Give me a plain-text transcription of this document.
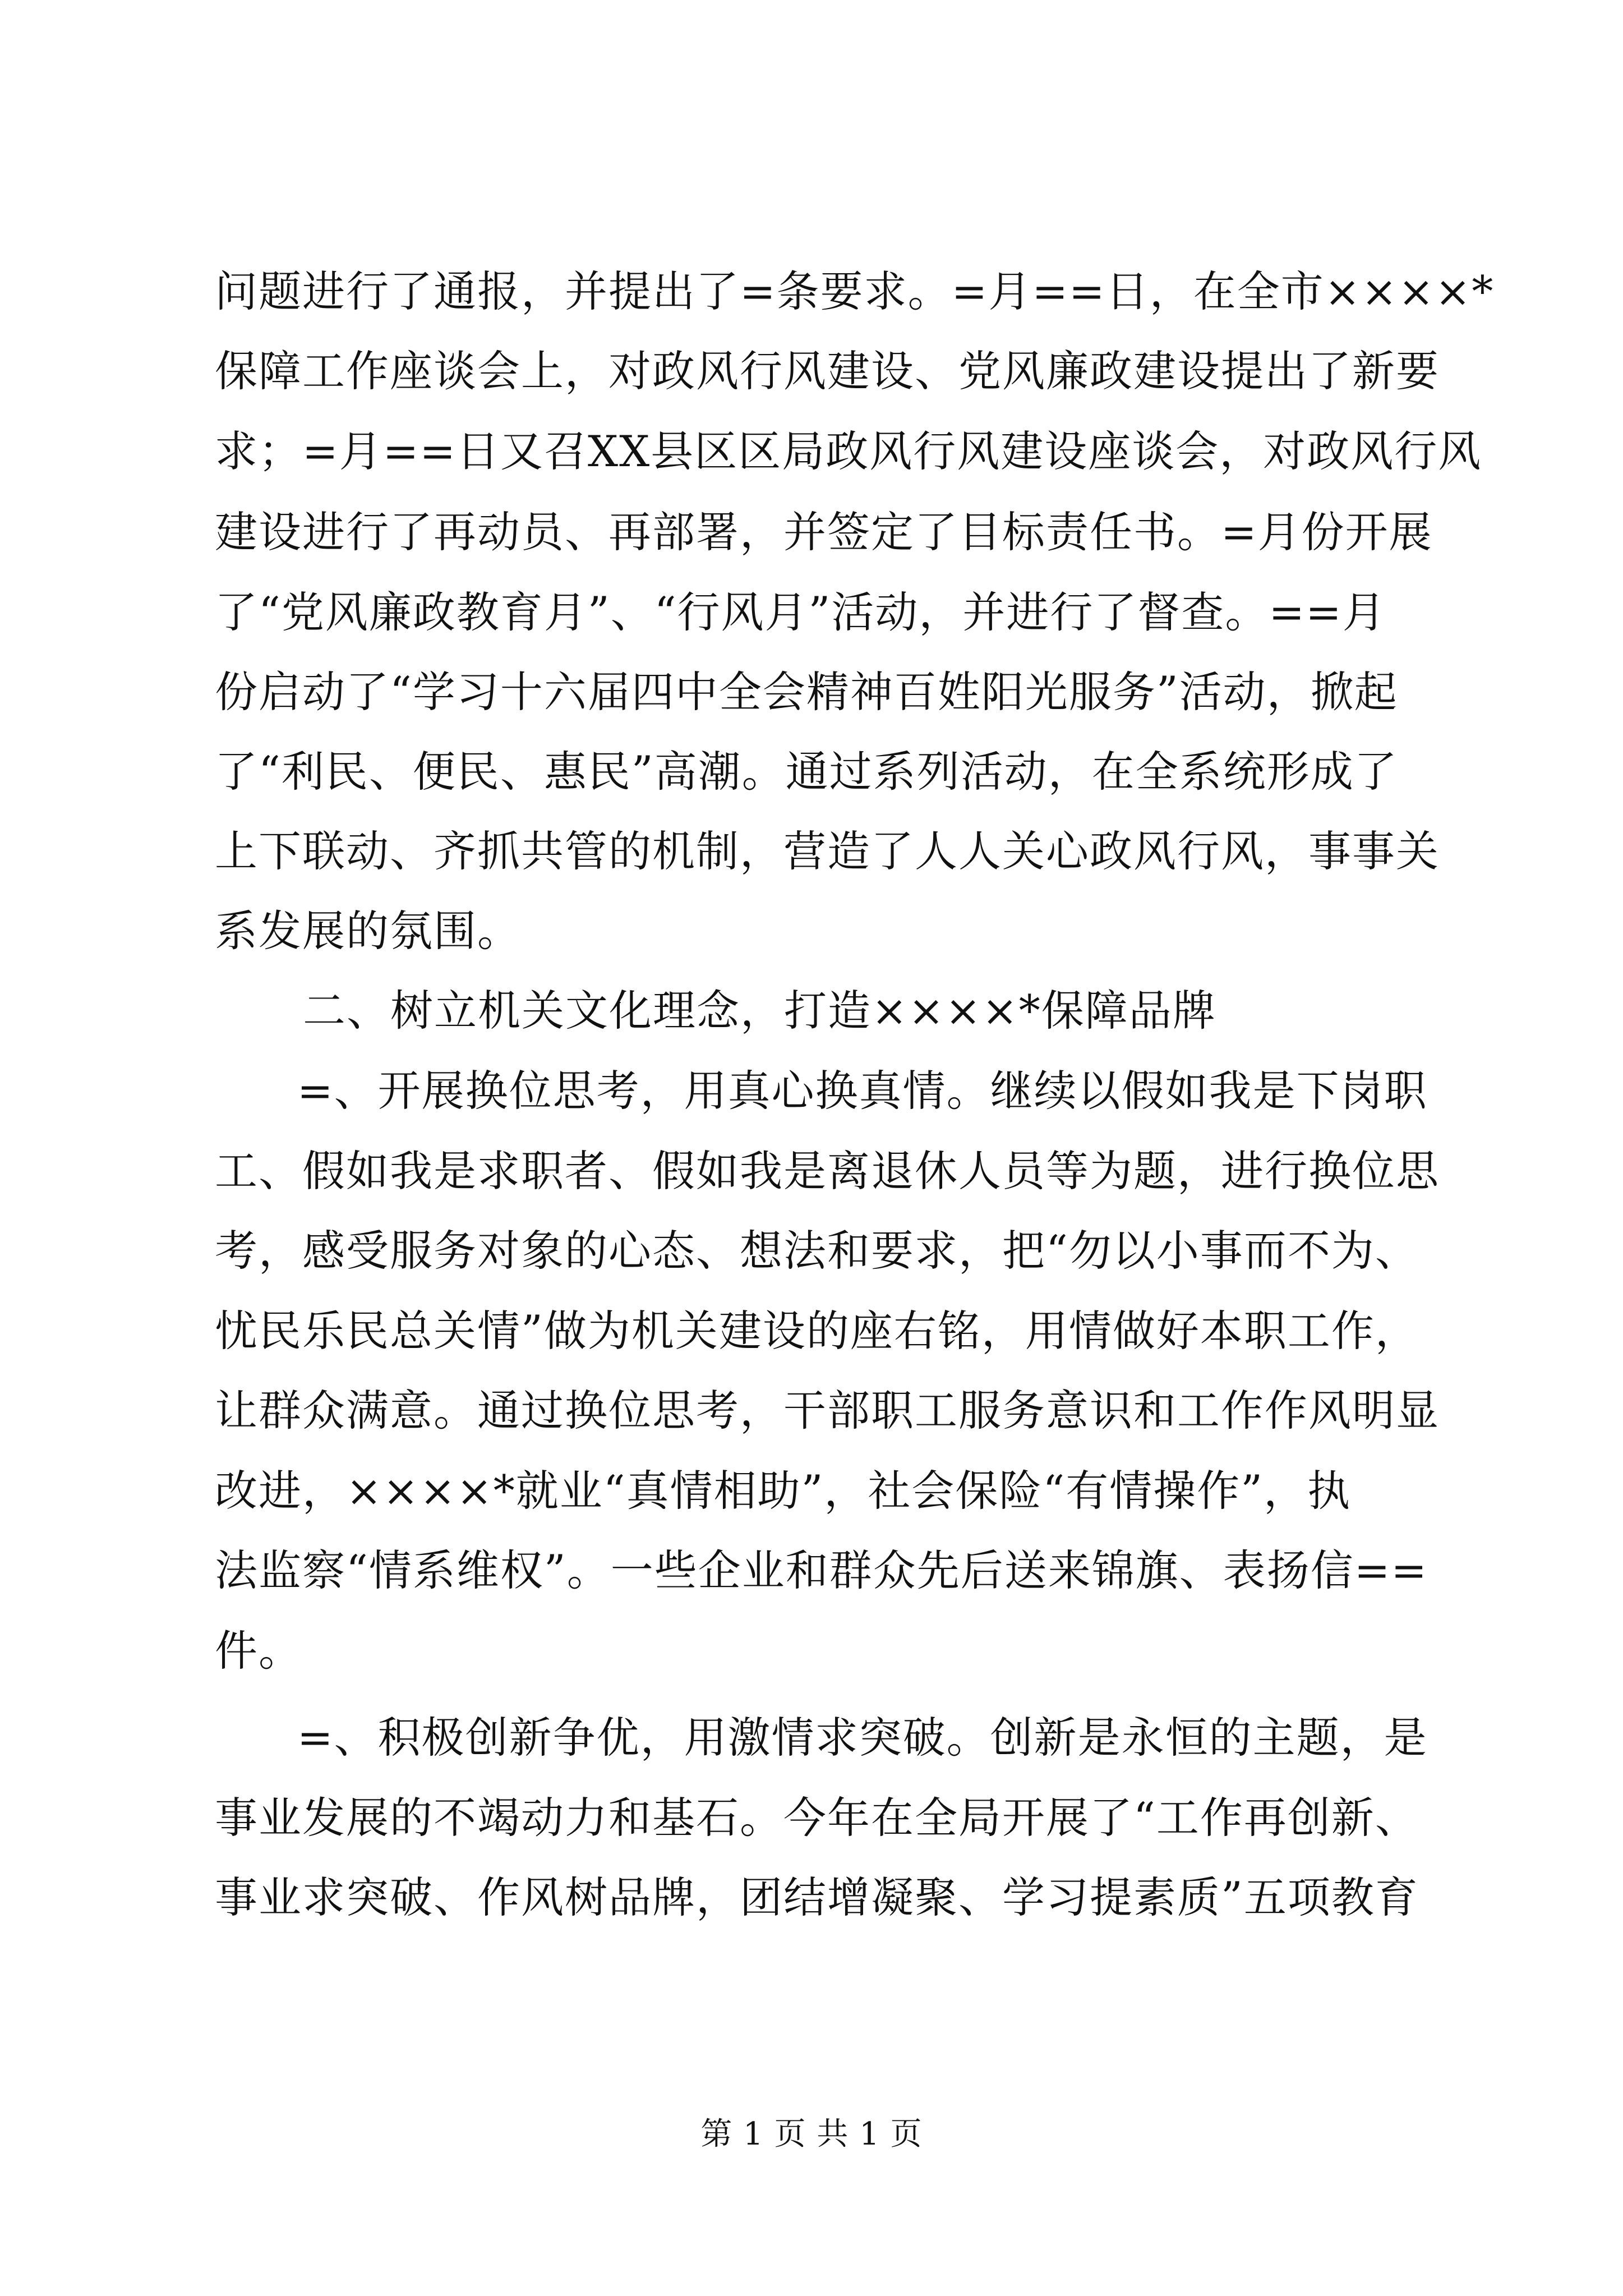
问题进行了通报，并提出了=条要求。=月==日，在全市××××*
保障工作座谈会上，对政风行风建设、党风廉政建设提出了新要
求；=月==日又召XX县区区局政风行风建设座谈会，对政风行风
建设进行了再动员、再部署，并签定了目标责任书。=月份开展
了“党风廉政教育月”、“行风月”活动，并进行了督查。==月
份启动了“学习十六届四中全会精神百姓阳光服务”活动，掀起
了“利民、便民、惠民”高潮。通过系列活动，在全系统形成了
上下联动、齐抓共管的机制，营造了人人关心政风行风，事事关
系发展的氛围。
二、树立机关文化理念，打造××××*保障品牌
=、开展换位思考，用真心换真情。继续以假如我是下岗职
工、假如我是求职者、假如我是离退休人员等为题，进行换位思
考，感受服务对象的心态、想法和要求，把“勿以小事而不为、
忧民乐民总关情”做为机关建设的座右铭，用情做好本职工作，
让群众满意。通过换位思考，干部职工服务意识和工作作风明显
改进，××××*就业“真情相助”，社会保险“有情操作”，执
法监察“情系维权”。一些企业和群众先后送来锦旗、表扬信==
件。
=、积极创新争优，用激情求突破。创新是永恒的主题，是
事业发展的不竭动力和基石。今年在全局开展了“工作再创新、
事业求突破、作风树品牌，团结增凝聚、学习提素质”五项教育
第 1 页 共 1 页
